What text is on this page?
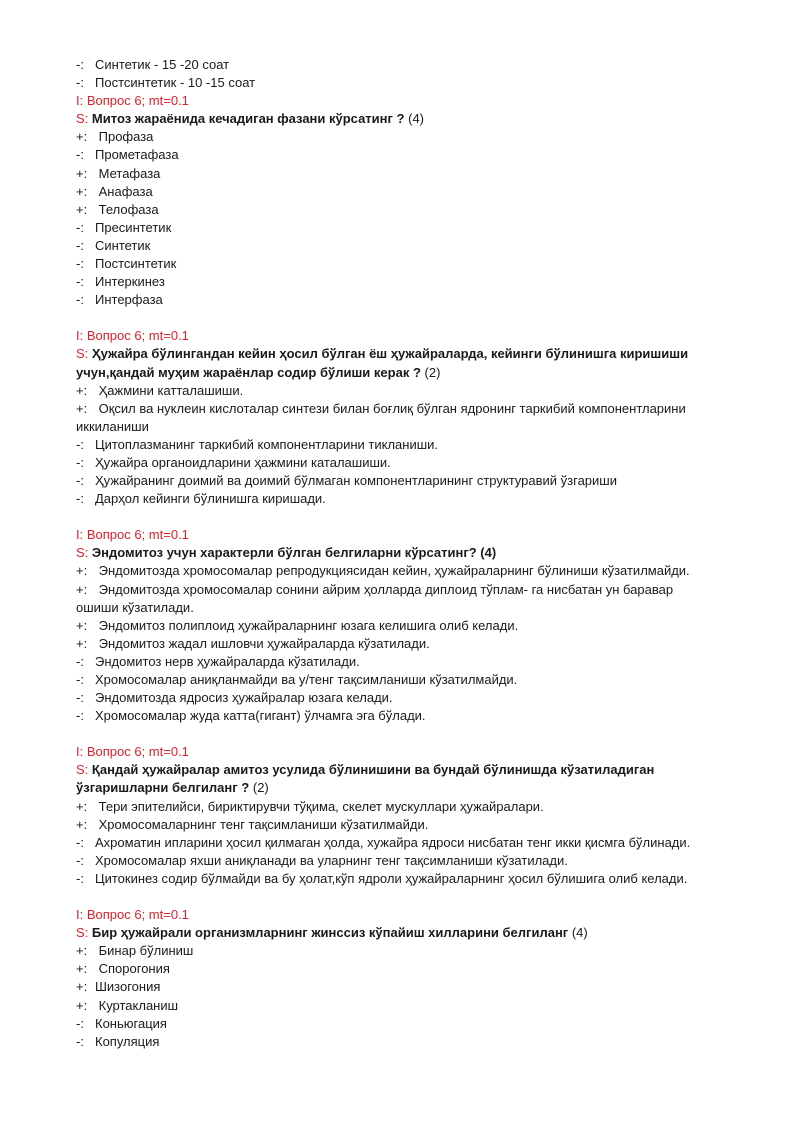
-: Синтетик - 15 -20 соат
-: Постсинтетик - 10 -15 соат
I: Вопрос 6; mt=0.1
S: Митоз жараёнида кечадиган фазани кўрсатинг ? (4)
+: Профаза
-: Прометафаза
+: Метафаза
+: Анафаза
+: Телофаза
-: Пресинтетик
-: Синтетик
-: Постсинтетик
-: Интеркинез
-: Интерфаза
I: Вопрос 6; mt=0.1
S: Ҳужайра бўлингандан кейин ҳосил бўлган ёш ҳужайраларда, кейинги бўлинишга киришиши
учун,қандай муҳим жараёнлар содир бўлиши керак ? (2)
+: Ҳажмини катталашиши.
+: Оқсил ва нуклеин кислоталар синтези билан боғлиқ бўлган ядронинг таркибий компонентларини
иккиланиши
-: Цитоплазманинг таркибий компонентларини тикланиши.
-: Ҳужайра органоидларини ҳажмини каталашиши.
-: Ҳужайранинг доимий ва доимий бўлмаган компонентларининг структуравий ўзгариши
-: Дарҳол кейинги бўлинишга киришади.
I: Вопрос 6; mt=0.1
S: Эндомитоз учун характерли бўлган белгиларни кўрсатинг? (4)
+: Эндомитозда хромосомалар репродукциясидан кейин, ҳужайраларнинг бўлиниши кўзатилмайди.
+: Эндомитозда хромосомалар сонини айрим ҳолларда диплоид тўплам- га нисбатан ун баравар
ошиши кўзатилади.
+: Эндомитоз полиплоид ҳужайраларнинг юзага келишига олиб келади.
+: Эндомитоз жадал ишловчи ҳужайраларда кўзатилади.
-: Эндомитоз нерв ҳужайраларда кўзатилади.
-: Хромосомалар аниқланмайди ва у/тенг тақсимланиши кўзатилмайди.
-: Эндомитозда ядросиз ҳужайралар юзага келади.
-: Хромосомалар жуда катта(гигант) ўлчамга эга бўлади.
I: Вопрос 6; mt=0.1
S: Қандай ҳужайралар амитоз усулида бўлинишини ва бундай бўлинишда кўзатиладиган
ўзгаришларни белгиланг ? (2)
+: Тери эпителийси, бириктирувчи тўқима, скелет мускуллари ҳужайралари.
+: Хромосомаларнинг тенг тақсимланиши кўзатилмайди.
-: Ахроматин ипларини ҳосил қилмаган ҳолда, хужайра ядроси нисбатан тенг икки қисмга бўлинади.
-: Хромосомалар яхши аниқланади ва уларнинг тенг тақсимланиши кўзатилади.
-: Цитокинез содир бўлмайди ва бу ҳолат,кўп ядроли ҳужайраларнинг ҳосил бўлишига олиб келади.
I: Вопрос 6; mt=0.1
S: Бир ҳужайрали организмларнинг жинссиз кўпайиш хилларини белгиланг (4)
+: Бинар бўлиниш
+: Спорогония
+: Шизогония
+: Куртакланиш
-: Коньюгация
-: Копуляция
